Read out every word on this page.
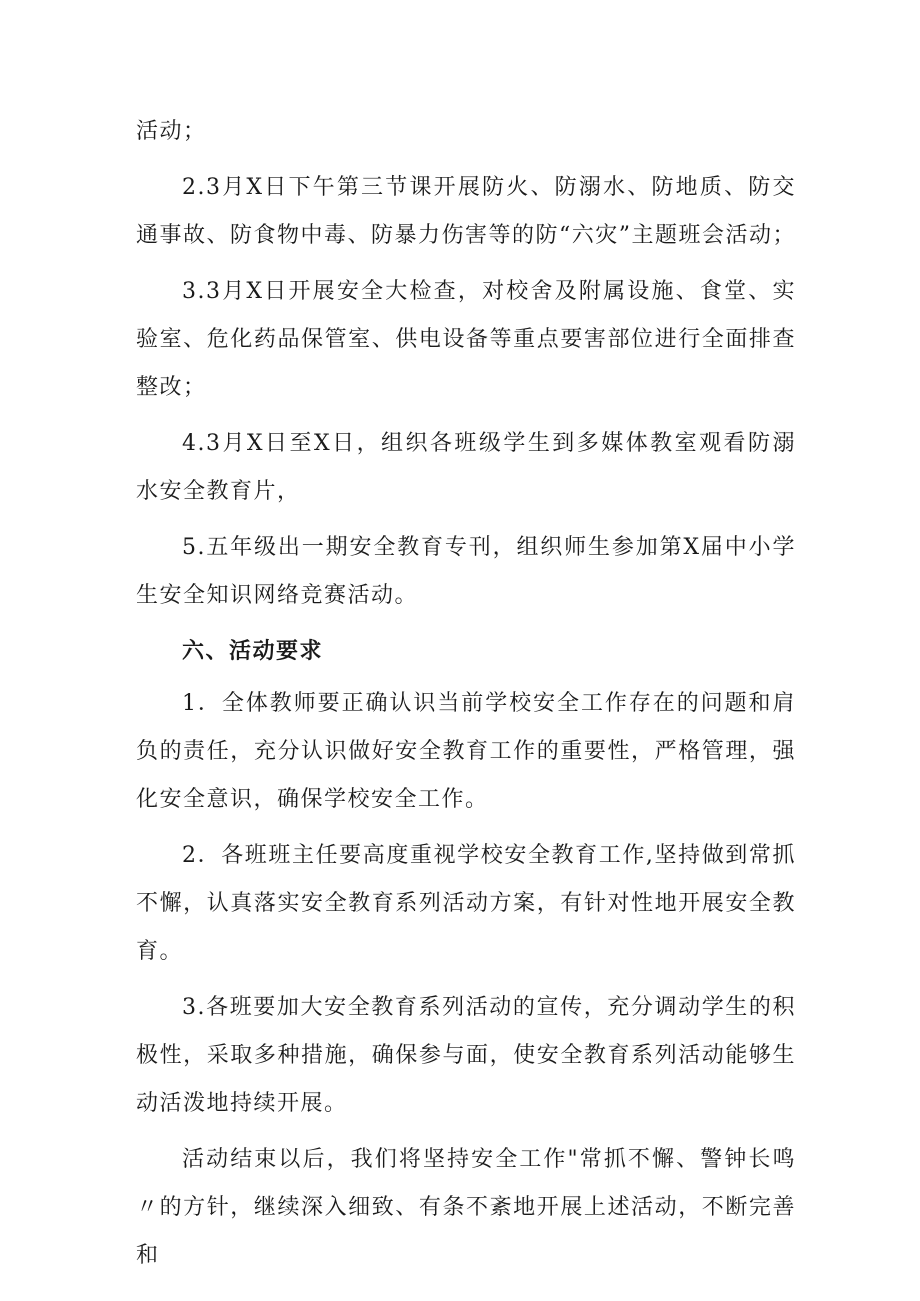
活动；

2.3月X日下午第三节课开展防火、防溺水、防地质、防交通事故、防食物中毒、防暴力伤害等的防“六灾”主题班会活动；

3.3月X日开展安全大检查，对校舍及附属设施、食堂、实验室、危化药品保管室、供电设备等重点要害部位进行全面排查整改；

4.3月X日至X日，组织各班级学生到多媒体教室观看防溺水安全教育片，

5.五年级出一期安全教育专刊，组织师生参加第X届中小学生安全知识网络竞赛活动。

六、活动要求

1．全体教师要正确认识当前学校安全工作存在的问题和肩负的责任，充分认识做好安全教育工作的重要性，严格管理，强化安全意识，确保学校安全工作。

2．各班班主任要高度重视学校安全教育工作,坚持做到常抓不懈，认真落实安全教育系列活动方案，有针对性地开展安全教育。

3.各班要加大安全教育系列活动的宣传，充分调动学生的积极性，采取多种措施，确保参与面，使安全教育系列活动能够生动活泼地持续开展。

活动结束以后，我们将坚持安全工作"常抓不懈、警钟长鸣〃的方针，继续深入细致、有条不紊地开展上述活动，不断完善和
